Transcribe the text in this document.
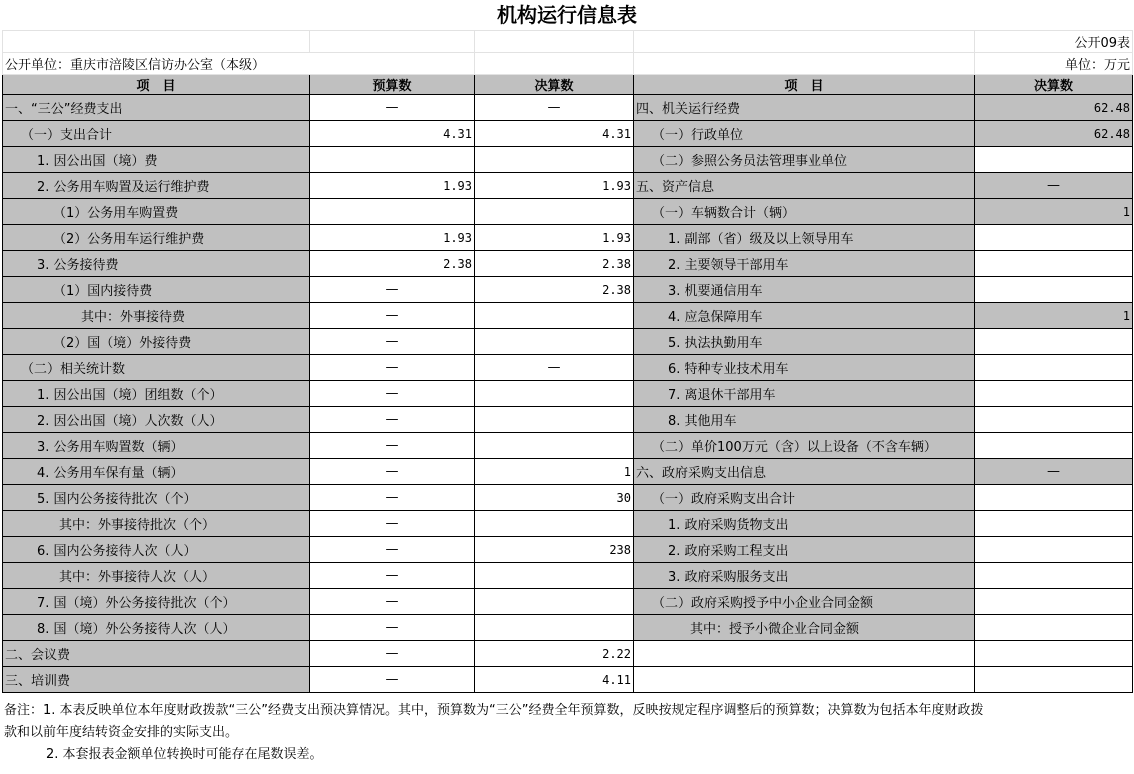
机构运行信息表
				公开09表
公开单位：重庆市涪陵区信访办公室（本级）				单位：万元
项　目	预算数	决算数	项　目	决算数
一、“三公”经费支出	—	—	四、机关运行经费	62.48
（一）支出合计	4.31	4.31	（一）行政单位	62.48
1. 因公出国（境）费			（二）参照公务员法管理事业单位	
2. 公务用车购置及运行维护费	1.93	1.93	五、资产信息	—
（1）公务用车购置费			（一）车辆数合计（辆）	1
（2）公务用车运行维护费	1.93	1.93	1. 副部（省）级及以上领导用车	
3. 公务接待费	2.38	2.38	2. 主要领导干部用车	
（1）国内接待费	—	2.38	3. 机要通信用车	
其中：外事接待费	—		4. 应急保障用车	1
（2）国（境）外接待费	—		5. 执法执勤用车	
（二）相关统计数	—	—	6. 特种专业技术用车	
1. 因公出国（境）团组数（个）	—		7. 离退休干部用车	
2. 因公出国（境）人次数（人）	—		8. 其他用车	
3. 公务用车购置数（辆）	—		（二）单价100万元（含）以上设备（不含车辆）	
4. 公务用车保有量（辆）	—	1	六、政府采购支出信息	—
5. 国内公务接待批次（个）	—	30	（一）政府采购支出合计	
其中：外事接待批次（个）	—		1. 政府采购货物支出	
6. 国内公务接待人次（人）	—	238	2. 政府采购工程支出	
其中：外事接待人次（人）	—		3. 政府采购服务支出	
7. 国（境）外公务接待批次（个）	—		（二）政府采购授予中小企业合同金额	
8. 国（境）外公务接待人次（人）	—		其中：授予小微企业合同金额	
二、会议费	—	2.22		
三、培训费	—	4.11		
备注：1. 本表反映单位本年度财政拨款“三公”经费支出预决算情况。其中，预算数为“三公”经费全年预算数，反映按规定程序调整后的预算数；决算数为包括本年度财政拨
款和以前年度结转资金安排的实际支出。
2. 本套报表金额单位转换时可能存在尾数误差。
